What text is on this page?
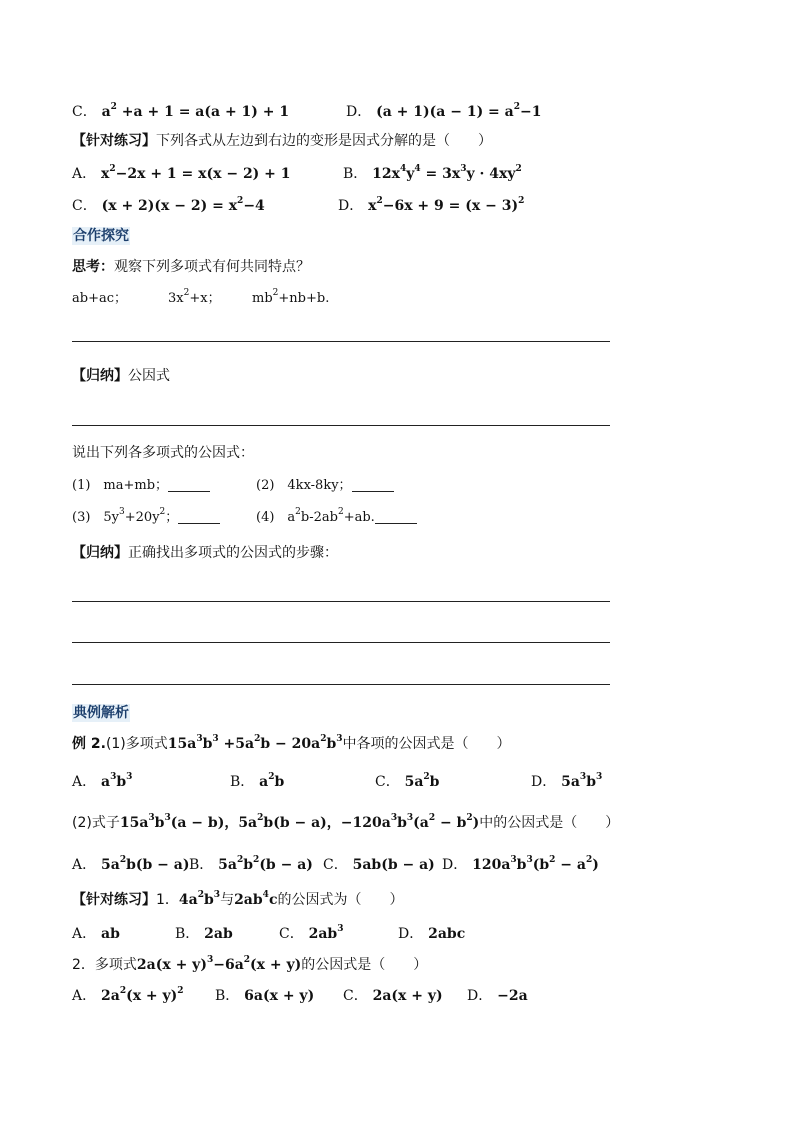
C． $a^2 +a + 1 = a(a + 1) + 1$	D． $(a + 1)(a - 1) = a^2-1$
【针对练习】下列各式从左边到右边的变形是因式分解的是（　　）
A． $x^2-2x + 1 = x(x - 2) + 1$	B． $12x^4y^4 = 3x^3y \cdot 4xy^2$
C． $(x + 2)(x - 2) = x^2-4$	D． $x^2-6x + 9 = (x - 3)^2$
合作探究
思考：观察下列多项式有何共同特点？
ab+ac；	$3x^2+x$； $mb^2+nb+b$.
【归纳】公因式
说出下列各多项式的公因式：
(1)　ma+mb；	(2)　4kx-8ky；
(3)　$5y^3+20y^2$；	(4)　$a^2b-2ab^2+ab$.
【归纳】正确找出多项式的公因式的步骤：
典例解析
例 2.(1)多项式$15a^3b^3 +5a^2b - 20a^2b^3$中各项的公因式是（　　）
A． $a^3b^3$	B． $a^2b$	C． $5a^2b$	D． $5a^3b^3$
(2)式子$15a^3b^3(a - b)$，$5a^2b(b - a)$，$-120a^3b^3(a^2 - b^2)$中的公因式是（　　）
A． $5a^2b(b - a)$ B． $5a^2b^2(b - a)$ C． 5ab(b − a) D． $120a^3b^3(b^2 - a^2)$
【针对练习】1．$4a^2b^3$与$2ab^4c$的公因式为（　　）
A． ab	B． 2ab	C． $2ab^3$	D． 2abc
2．多项式$2a(x + y)^3-6a^2(x + y)$的公因式是（　　）
A． $2a^2(x + y)^2$ B． 6a(x + y) C． 2a(x + y) D． −2a
